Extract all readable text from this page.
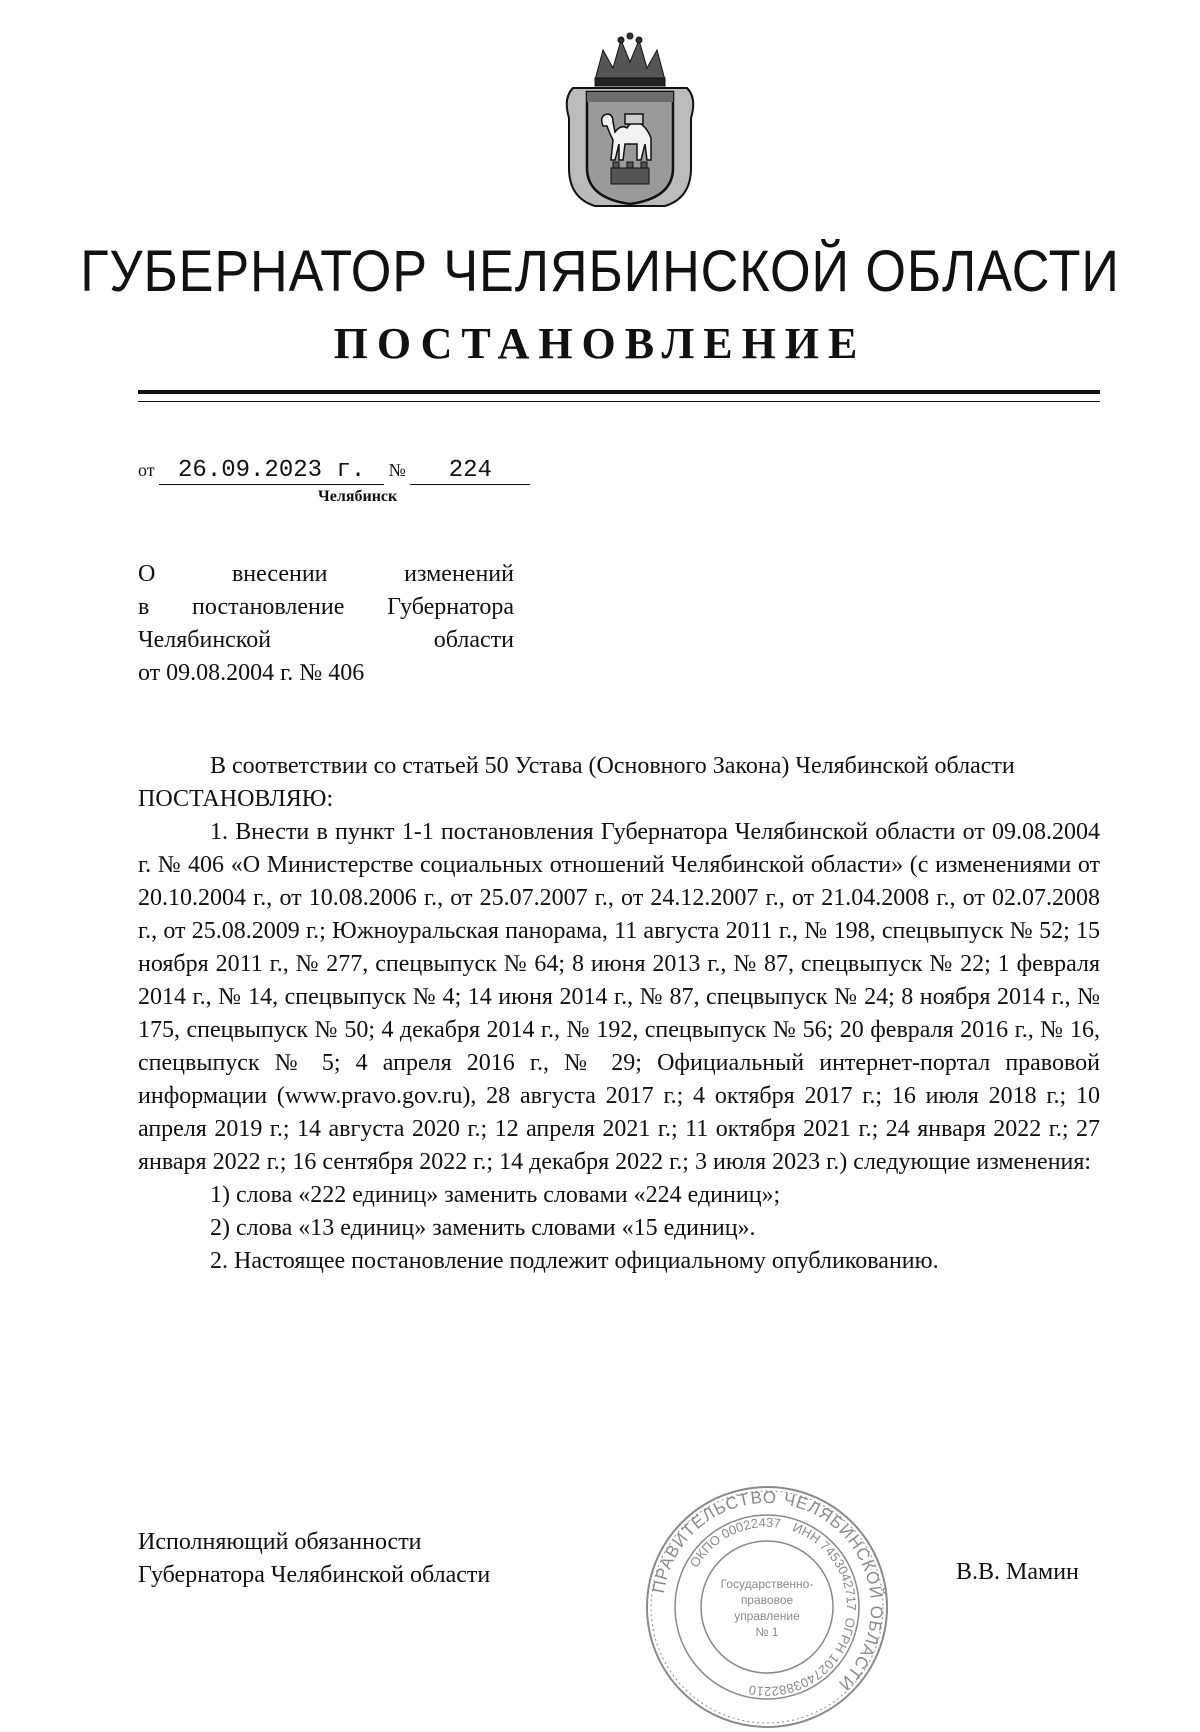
ГУБЕРНАТОР ЧЕЛЯБИНСКОЙ ОБЛАСТИ
ПОСТАНОВЛЕНИЕ
от 26.09.2023 г. № 224
Челябинск
О внесении изменений
в постановление Губернатора
Челябинской области
от 09.08.2004 г. № 406

В соответствии со статьей 50 Устава (Основного Закона) Челябинской области

ПОСТАНОВЛЯЮ:

1. Внести в пункт 1-1 постановления Губернатора Челябинской области от 09.08.2004 г. № 406 «О Министерстве социальных отношений Челябинской области» (с изменениями от 20.10.2004 г., от 10.08.2006 г., от 25.07.2007 г., от 24.12.2007 г., от 21.04.2008 г., от 02.07.2008 г., от 25.08.2009 г.; Южноуральская панорама, 11 августа 2011 г., № 198, спецвыпуск № 52; 15 ноября 2011 г., № 277, спецвыпуск № 64; 8 июня 2013 г., № 87, спецвыпуск № 22; 1 февраля 2014 г., № 14, спецвыпуск № 4; 14 июня 2014 г., № 87, спецвыпуск № 24; 8 ноября 2014 г., № 175, спецвыпуск № 50; 4 декабря 2014 г., № 192, спецвыпуск № 56; 20 февраля 2016 г., № 16, спецвыпуск № 5; 4 апреля 2016 г., № 29; Официальный интернет-портал правовой информации (www.pravo.gov.ru), 28 августа 2017 г.; 4 октября 2017 г.; 16 июля 2018 г.; 10 апреля 2019 г.; 14 августа 2020 г.; 12 апреля 2021 г.; 11 октября 2021 г.; 24 января 2022 г.; 27 января 2022 г.; 16 сентября 2022 г.; 14 декабря 2022 г.; 3 июля 2023 г.) следующие изменения:

1) слова «222 единиц» заменить словами «224 единиц»;

2) слова «13 единиц» заменить словами «15 единиц».

2. Настоящее постановление подлежит официальному опубликованию.

ПРАВИТЕЛЬСТВО ЧЕЛЯБИНСКОЙ ОБЛАСТИ
ОГРН 1027403882210
ОКПО 00022437 ИНН 7453042717
Государственно-
правовое
управление
№ 1
Исполняющий обязанности
Губернатора Челябинской области	В.В. Мамин
